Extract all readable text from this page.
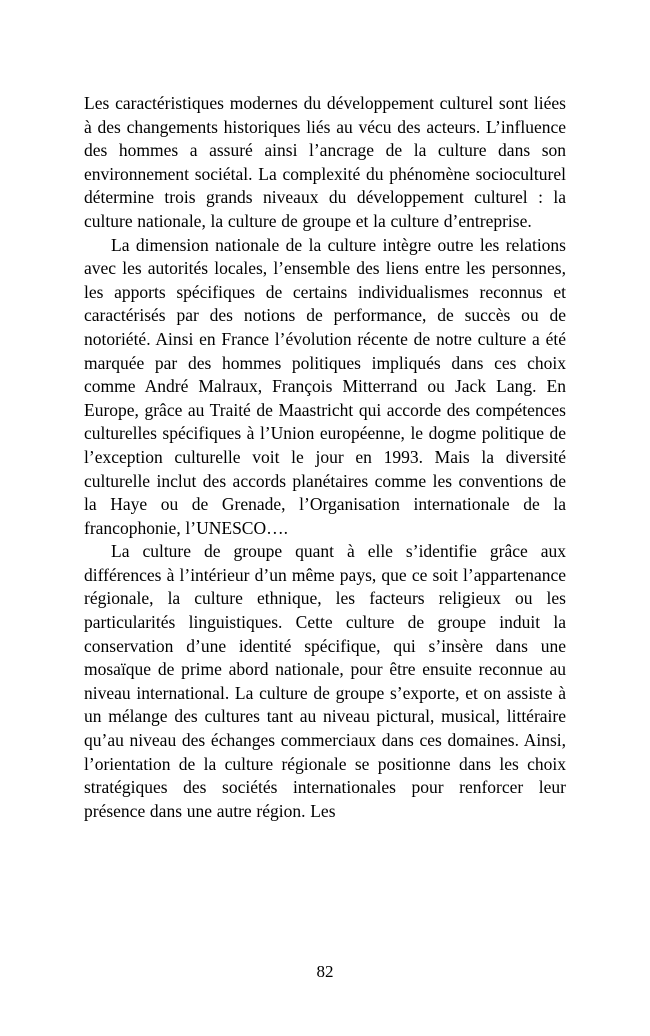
Les caractéristiques modernes du développement culturel sont liées à des changements historiques liés au vécu des acteurs. L’influence des hommes a assuré ainsi l’ancrage de la culture dans son environnement sociétal. La complexité du phénomène socioculturel détermine trois grands niveaux du développement culturel : la culture nationale, la culture de groupe et la culture d’entreprise.

La dimension nationale de la culture intègre outre les relations avec les autorités locales, l’ensemble des liens entre les personnes, les apports spécifiques de certains individualismes reconnus et caractérisés par des notions de performance, de succès ou de notoriété. Ainsi en France l’évolution récente de notre culture a été marquée par des hommes politiques impliqués dans ces choix comme André Malraux, François Mitterrand ou Jack Lang. En Europe, grâce au Traité de Maastricht qui accorde des compétences culturelles spécifiques à l’Union européenne, le dogme politique de l’exception culturelle voit le jour en 1993. Mais la diversité culturelle inclut des accords planétaires comme les conventions de la Haye ou de Grenade, l’Organisation internationale de la francophonie, l’UNESCO….

La culture de groupe quant à elle s’identifie grâce aux différences à l’intérieur d’un même pays, que ce soit l’appartenance régionale, la culture ethnique, les facteurs religieux ou les particularités linguistiques. Cette culture de groupe induit la conservation d’une identité spécifique, qui s’insère dans une mosaïque de prime abord nationale, pour être ensuite reconnue au niveau international. La culture de groupe s’exporte, et on assiste à un mélange des cultures tant au niveau pictural, musical, littéraire qu’au niveau des échanges commerciaux dans ces domaines. Ainsi, l’orientation de la culture régionale se positionne dans les choix stratégiques des sociétés internationales pour renforcer leur présence dans une autre région. Les

82
